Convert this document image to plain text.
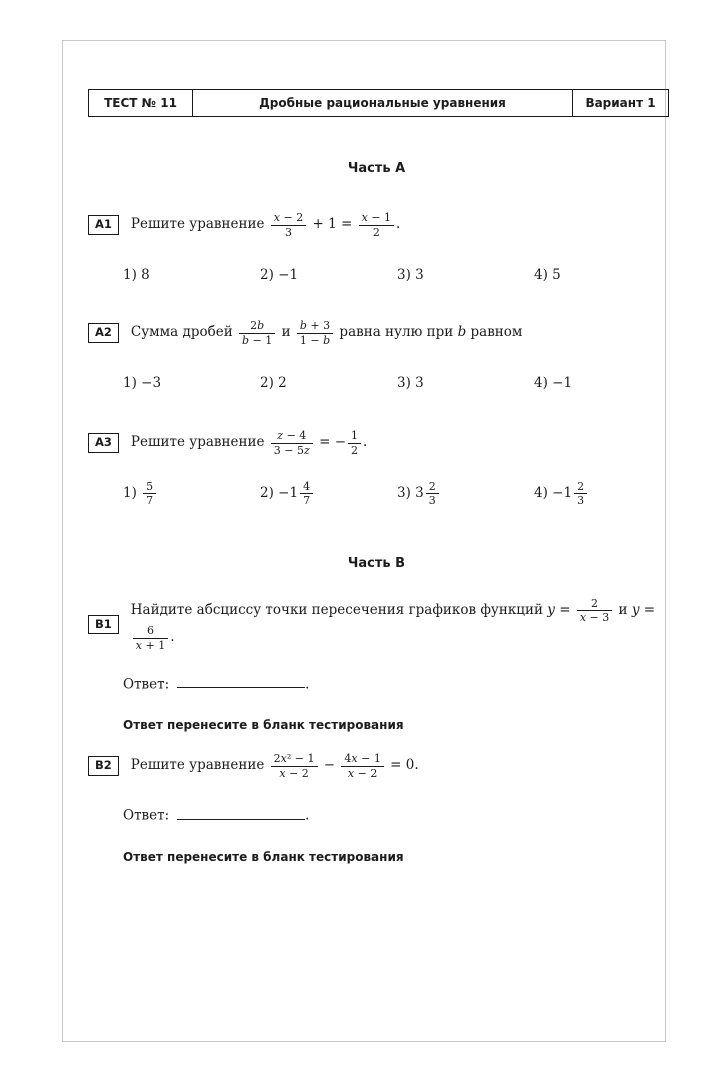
ТЕСТ № 11	Дробные рациональные уравнения	Вариант 1
Часть А
А1	Решите уравнение $\frac{x - 2}{3} + 1 = \frac{x - 1}{2}$ .
1) 8	2) −1	3) 3	4) 5
А2	Сумма дробей $\frac{2b}{b - 1}$ и $\frac{b + 3}{1 - b}$ равна нулю при b равном
1) −3	2) 2	3) 3	4) −1
А3	Решите уравнение $\frac{z - 4}{3 - 5z}$ = − $\frac{1}{2}$ .
$1) \frac{5}{7}$	$2) -1 \frac{4}{7}$	3) $3 \frac{2}{3}$	$4) -1 \frac{2}{3}$
Часть В
В1
Найдите абсциссу точки пересечения графиков функций $y = \frac{2}{x - 3}$ и y =
$\frac{6}{x + 1}$ .
Ответ:	.
Ответ перенесите в бланк тестирования
В2	Решите уравнение $\frac{\text{2x² − 1}}{x - 2} - \frac{4x - 1}{x - 2} = 0$.
Ответ:	.
Ответ перенесите в бланк тестирования
